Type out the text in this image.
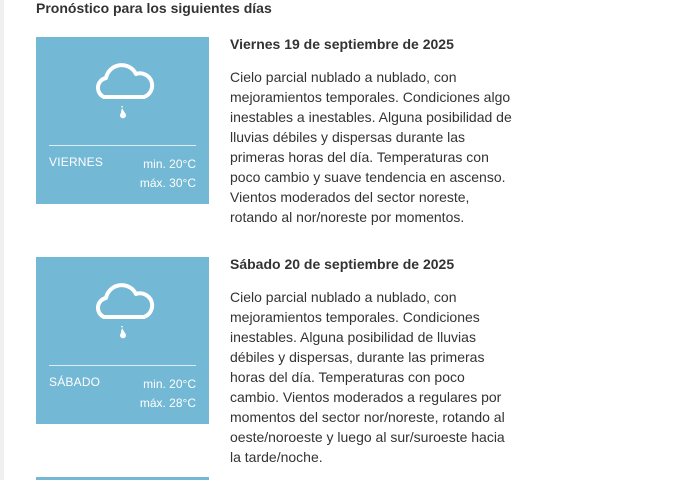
Pronóstico para los siguientes días
VIERNES	min. 20°C
máx. 30°C
Viernes 19 de septiembre de 2025

Cielo parcial nublado a nublado, con mejoramientos temporales. Condiciones algo inestables a inestables. Alguna posibilidad de lluvias débiles y dispersas durante las primeras horas del día. Temperaturas con poco cambio y suave tendencia en ascenso. Vientos moderados del sector noreste, rotando al nor/noreste por momentos.

SÁBADO	min. 20°C
máx. 28°C
Sábado 20 de septiembre de 2025

Cielo parcial nublado a nublado, con mejoramientos temporales. Condiciones inestables. Alguna posibilidad de lluvias débiles y dispersas, durante las primeras horas del día. Temperaturas con poco cambio. Vientos moderados a regulares por momentos del sector nor/noreste, rotando al oeste/noroeste y luego al sur/suroeste hacia la tarde/noche.
